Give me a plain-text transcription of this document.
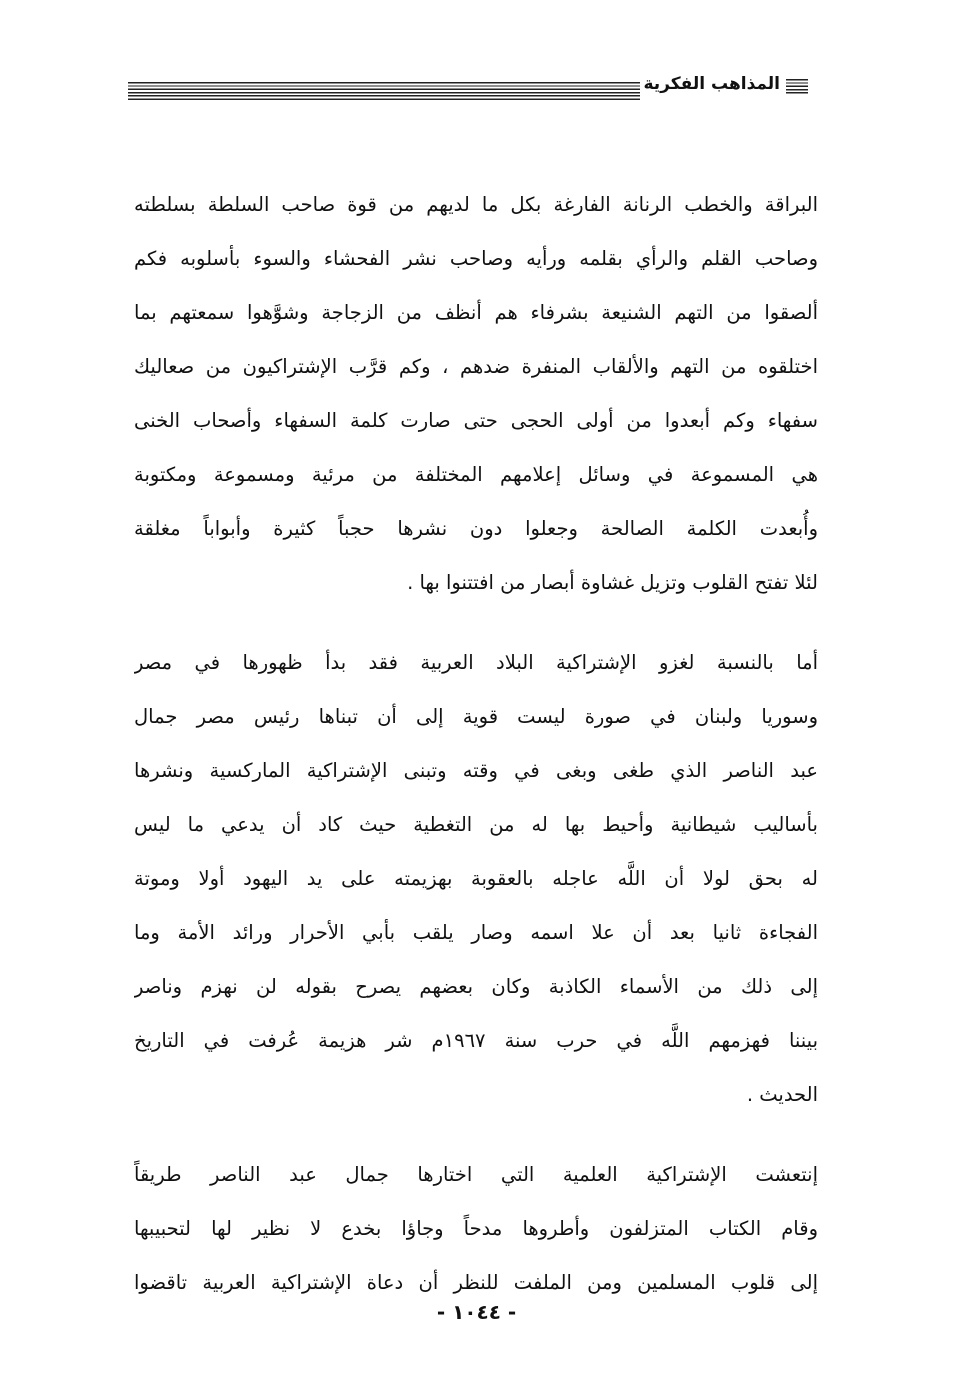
المذاهب الفكرية
البراقة والخطب الرنانة الفارغة بكل ما لديهم من قوة صاحب السلطة بسلطته
وصاحب القلم والرأي بقلمه ورأيه وصاحب نشر الفحشاء والسوء بأسلوبه فكم
ألصقوا من التهم الشنيعة بشرفاء هم أنظف من الزجاجة وشوَّهوا سمعتهم بما
اختلقوه من التهم والألقاب المنفرة ضدهم ، وكم قرَّب الإشتراكيون من صعاليك
سفهاء وكم أبعدوا من أولى الحجى حتى صارت كلمة السفهاء وأصحاب الخنى
هي المسموعة في وسائل إعلامهم المختلفة من مرئية ومسموعة ومكتوبة
وأُبعدت الكلمة الصالحة وجعلوا دون نشرها حجباً كثيرة وأبواباً مغلقة
لئلا تفتح القلوب وتزيل غشاوة أبصار من افتتنوا بها .
أما بالنسبة لغزو الإشتراكية البلاد العربية فقد بدأ ظهورها في مصر
وسوريا ولبنان في صورة ليست قوية إلى أن تبناها رئيس مصر جمال
عبد الناصر الذي طغى وبغى في وقته وتبنى الإشتراكية الماركسية ونشرها
بأساليب شيطانية وأحيط بها له من التغطية حيث كاد أن يدعي ما ليس
له بحق لولا أن اللَّه عاجله بالعقوبة بهزيمته على يد اليهود أولا وموتة
الفجاءة ثانيا بعد أن علا اسمه وصار يلقب بأبي الأحرار ورائد الأمة وما
إلى ذلك من الأسماء الكاذبة وكان بعضهم يصرح بقوله لن نهزم وناصر
بيننا فهزمهم اللَّه في حرب سنة ١٩٦٧م شر هزيمة عُرفت في التاريخ
الحديث .
إنتعشت الإشتراكية العلمية التي اختارها جمال عبد الناصر طريقاً
وقام الكتاب المتزلفون وأطروها مدحاً وجاؤا بخدع لا نظير لها لتحبيبها
إلى قلوب المسلمين ومن الملفت للنظر أن دعاة الإشتراكية العربية تاقضوا
- ١٠٤٤ -
